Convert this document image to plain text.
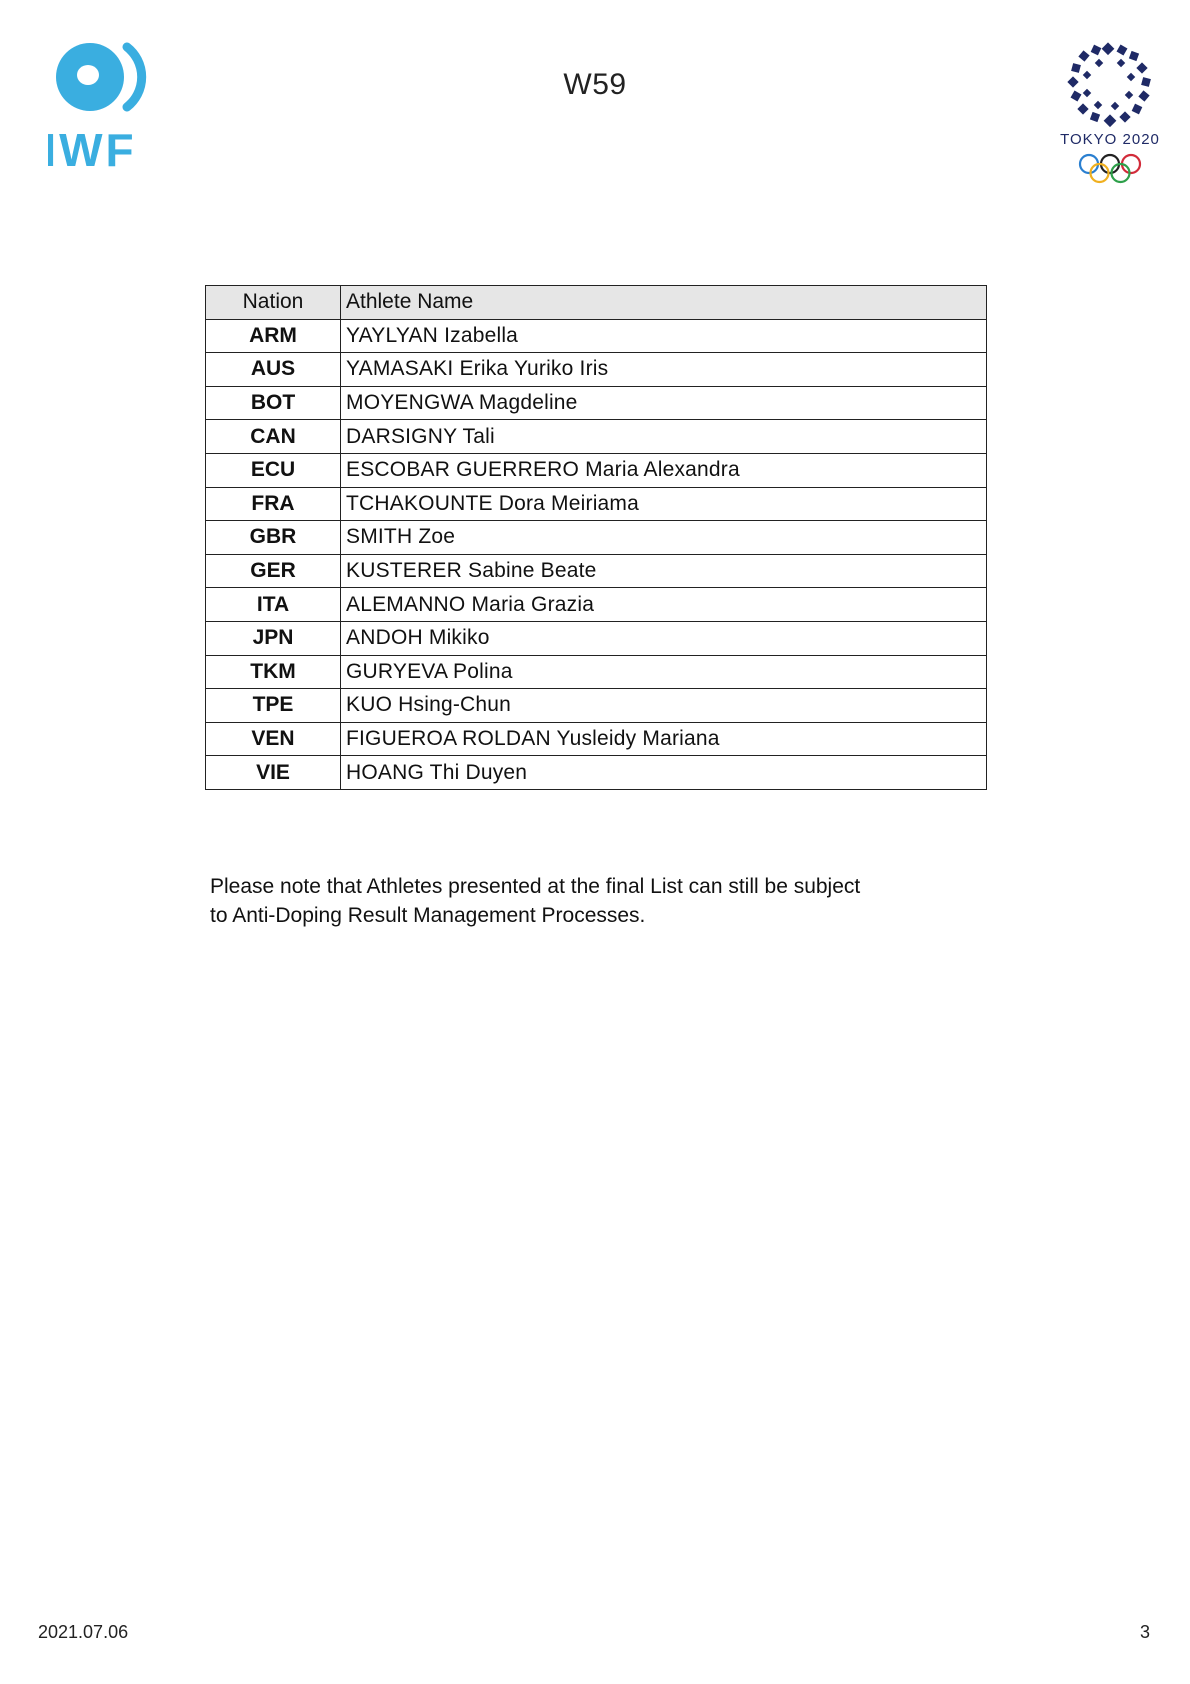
IWF
W59
TOKYO 2020
Nation	Athlete Name
ARM	YAYLYAN Izabella
AUS	YAMASAKI Erika Yuriko Iris
BOT	MOYENGWA Magdeline
CAN	DARSIGNY Tali
ECU	ESCOBAR GUERRERO Maria Alexandra
FRA	TCHAKOUNTE Dora Meiriama
GBR	SMITH Zoe
GER	KUSTERER Sabine Beate
ITA	ALEMANNO Maria Grazia
JPN	ANDOH Mikiko
TKM	GURYEVA Polina
TPE	KUO Hsing-Chun
VEN	FIGUEROA ROLDAN Yusleidy Mariana
VIE	HOANG Thi Duyen
Please note that Athletes presented at the final List can still be subject
to Anti-Doping Result Management Processes.
2021.07.06	3
